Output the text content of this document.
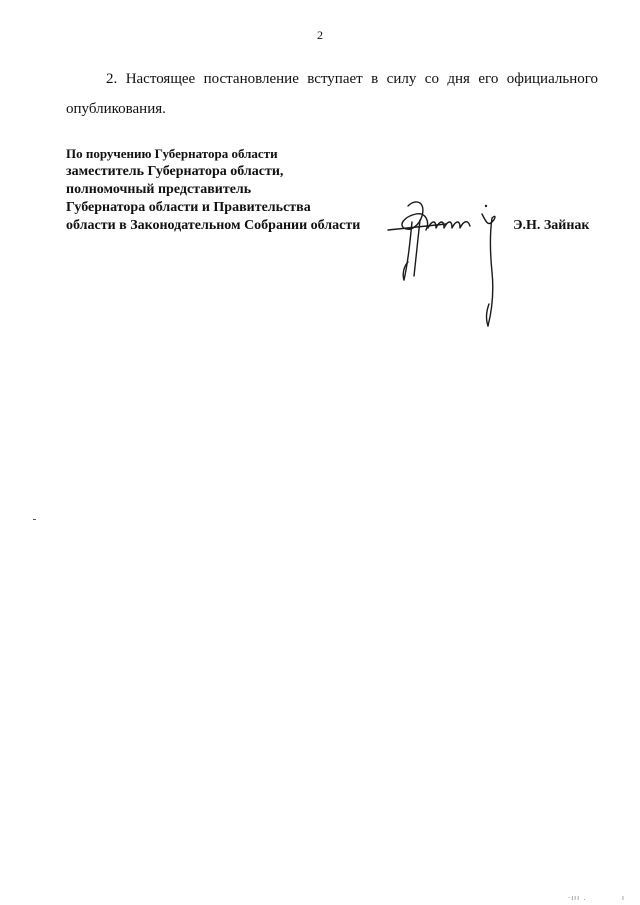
2

2. Настоящее постановление вступает в силу со дня его официального опубликования.

По поручению Губернатора области
заместитель Губернатора области,
полномочный представитель
Губернатора области и Правительства
области в Законодательном Собрании области	Э.Н. Зайнак
·ııı .	ı
